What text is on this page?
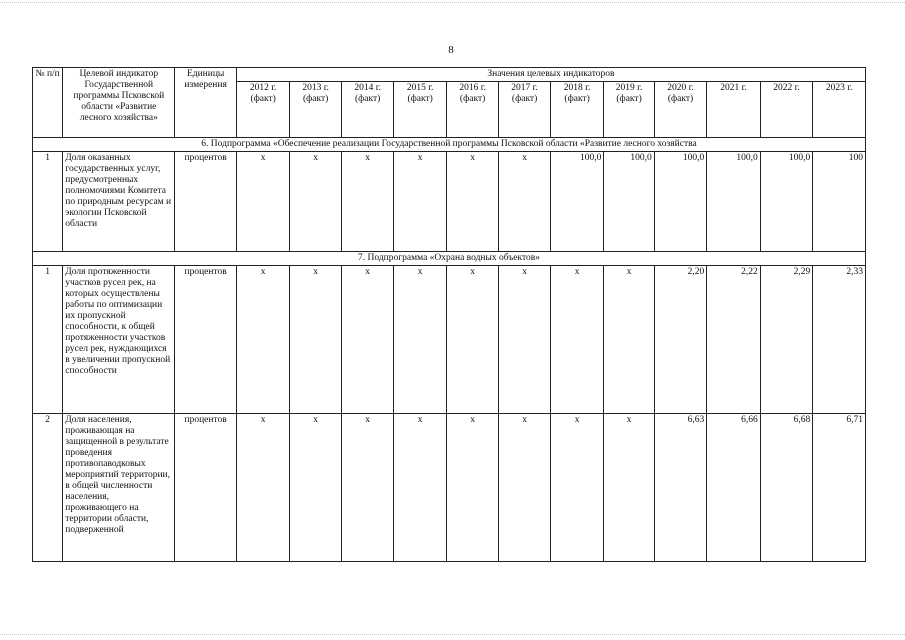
8
№ п/п	Целевой индикатор Государственной программы Псковской области «Развитие лесного хозяйства»	Единицы измерения	Значения целевых индикаторов											
			2012 г. (факт)	2013 г. (факт)	2014 г. (факт)	2015 г. (факт)	2016 г. (факт)	2017 г. (факт)	2018 г. (факт)	2019 г. (факт)	2020 г. (факт)	2021 г.	2022 г.	2023 г.
6. Подпрограмма «Обеспечение реализации Государственной программы Псковской области «Развитие лесного хозяйства														
1	Доля оказанных государственных услуг, предусмотренных полномочиями Комитета по природным ресурсам и экологии Псковской области	процентов	x	x	x	x	x	x	100,0	100,0	100,0	100,0	100,0	100
7. Подпрограмма «Охрана водных объектов»														
1	Доля протяженности участков русел рек, на которых осуществлены работы по оптимизации их пропускной способности, к общей протяженности участков русел рек, нуждающихся в увеличении пропускной способности	процентов	x	x	x	x	x	x	x	x	2,20	2,22	2,29	2,33
2	Доля населения, проживающая на защищенной в результате проведения противопаводковых мероприятий территории, в общей численности населения, проживающего на территории области, подверженной	процентов	x	x	x	x	x	x	x	x	6,63	6,66	6,68	6,71
